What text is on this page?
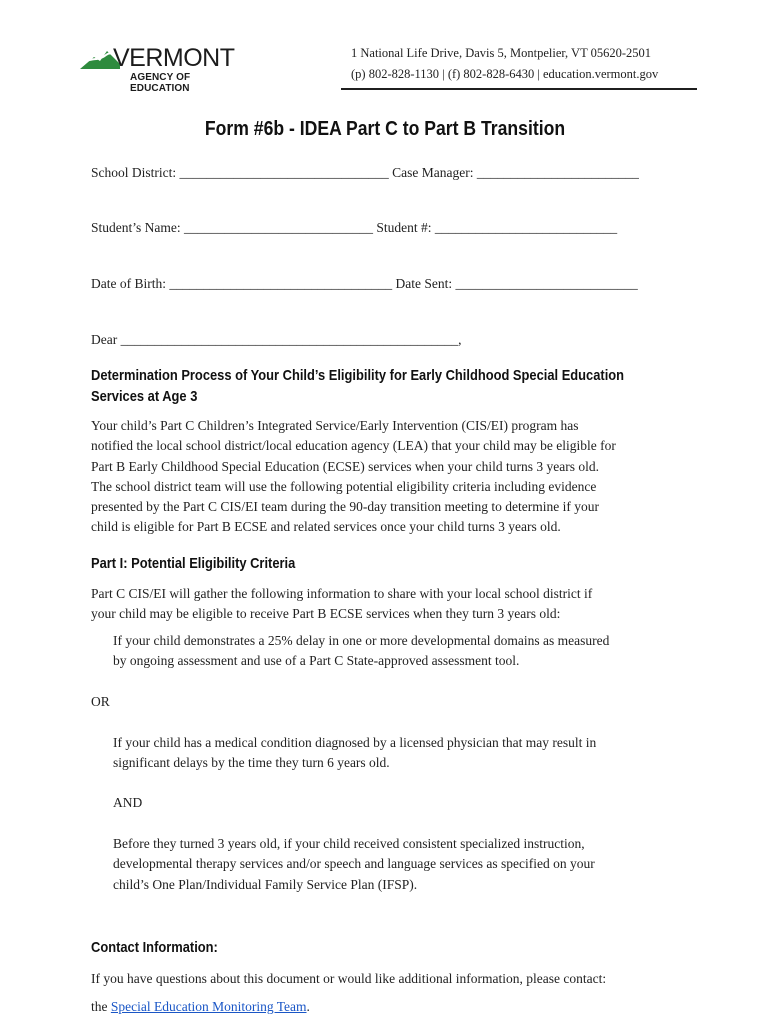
VERMONT
AGENCY OF EDUCATION
1 National Life Drive, Davis 5, Montpelier, VT 05620-2501
(p) 802-828-1130 | (f) 802-828-6430 | education.vermont.gov
Form #6b - IDEA Part C to Part B Transition
School District: _______________________________ Case Manager: ________________________
Student’s Name: ____________________________ Student #: ___________________________
Date of Birth: _________________________________ Date Sent: ___________________________
Dear __________________________________________________,
Determination Process of Your Child’s Eligibility for Early Childhood Special Education
Services at Age 3
Your child’s Part C Children’s Integrated Service/Early Intervention (CIS/EI) program has
notified the local school district/local education agency (LEA) that your child may be eligible for
Part B Early Childhood Special Education (ECSE) services when your child turns 3 years old.
The school district team will use the following potential eligibility criteria including evidence
presented by the Part C CIS/EI team during the 90-day transition meeting to determine if your
child is eligible for Part B ECSE and related services once your child turns 3 years old.
Part I: Potential Eligibility Criteria
Part C CIS/EI will gather the following information to share with your local school district if
your child may be eligible to receive Part B ECSE services when they turn 3 years old:
If your child demonstrates a 25% delay in one or more developmental domains as measured
by ongoing assessment and use of a Part C State-approved assessment tool.
OR
If your child has a medical condition diagnosed by a licensed physician that may result in
significant delays by the time they turn 6 years old.
AND
Before they turned 3 years old, if your child received consistent specialized instruction,
developmental therapy services and/or speech and language services as specified on your
child’s One Plan/Individual Family Service Plan (IFSP).
Contact Information:
If you have questions about this document or would like additional information, please contact:
the Special Education Monitoring Team.
